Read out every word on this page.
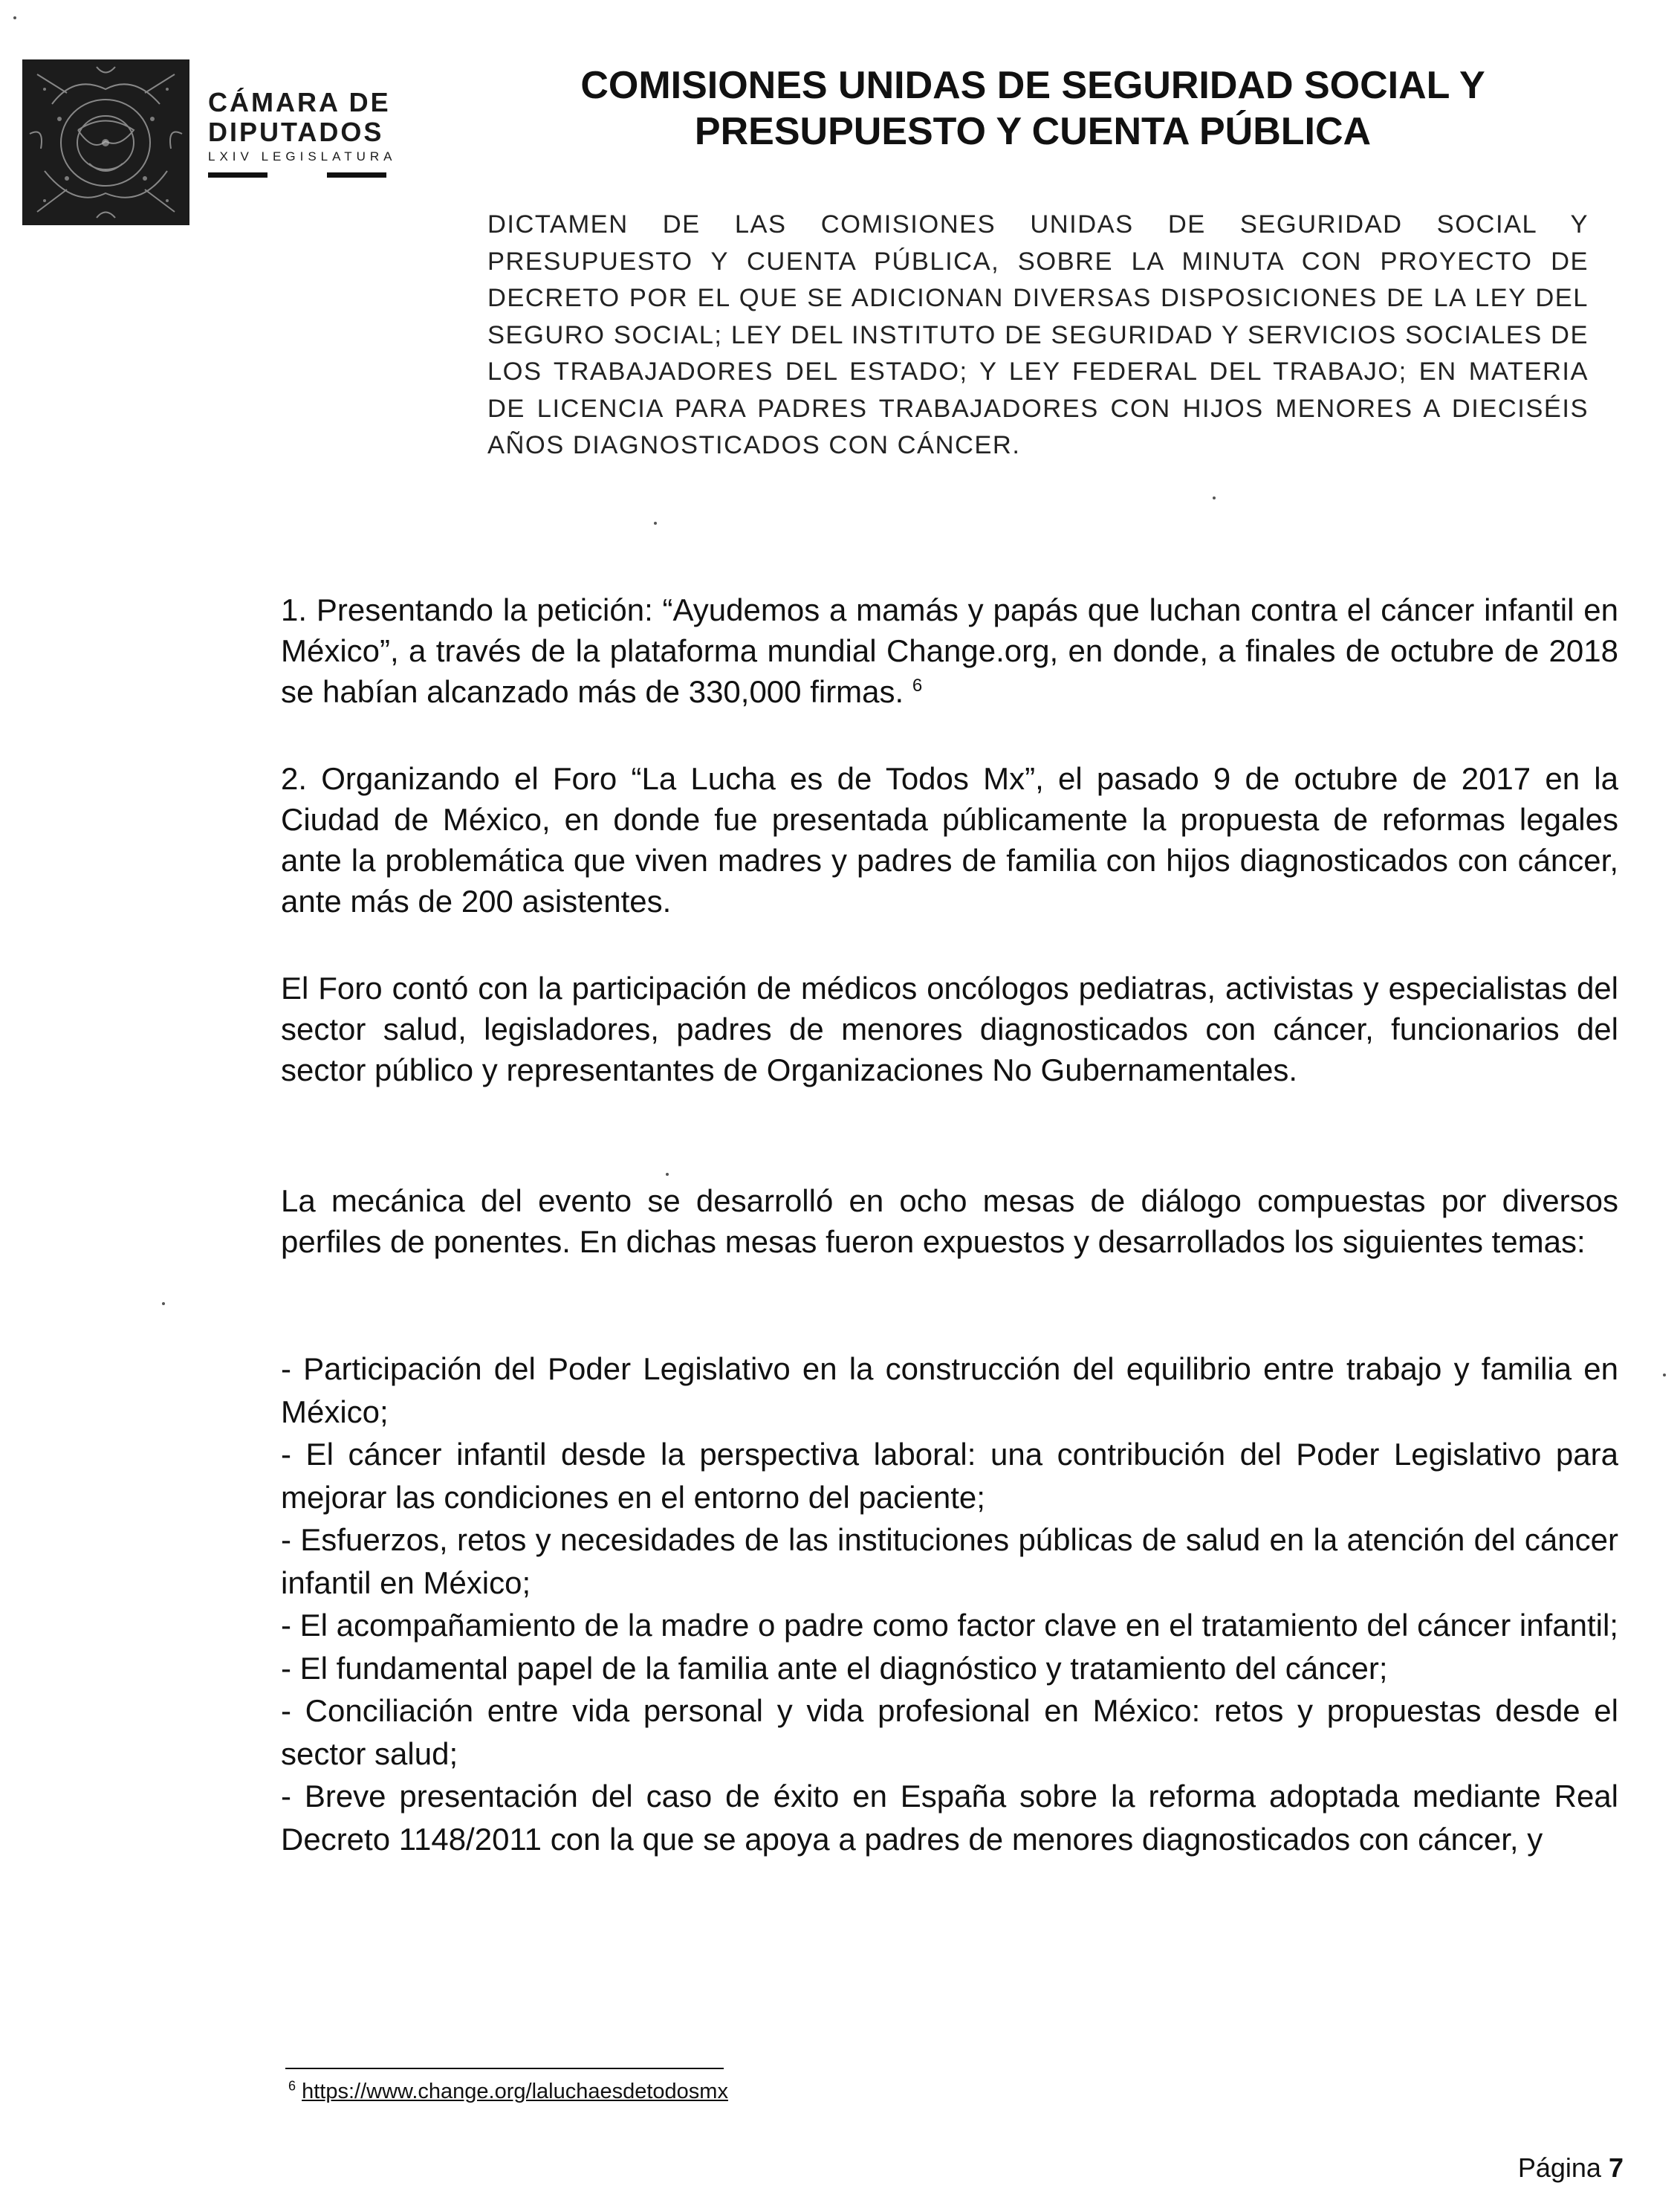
CÁMARA DE
DIPUTADOS
LXIV LEGISLATURA
COMISIONES UNIDAS DE SEGURIDAD SOCIAL Y
PRESUPUESTO Y CUENTA PÚBLICA
DICTAMEN DE LAS COMISIONES UNIDAS DE SEGURIDAD SOCIAL Y PRESUPUESTO Y CUENTA PÚBLICA, SOBRE LA MINUTA CON PROYECTO DE DECRETO POR EL QUE SE ADICIONAN DIVERSAS DISPOSICIONES DE LA LEY DEL SEGURO SOCIAL; LEY DEL INSTITUTO DE SEGURIDAD Y SERVICIOS SOCIALES DE LOS TRABAJADORES DEL ESTADO; Y LEY FEDERAL DEL TRABAJO; EN MATERIA DE LICENCIA PARA PADRES TRABAJADORES CON HIJOS MENORES A DIECISÉIS AÑOS DIAGNOSTICADOS CON CÁNCER.
1. Presentando la petición: “Ayudemos a mamás y papás que luchan contra el cáncer infantil en México”, a través de la plataforma mundial Change.org, en donde, a finales de octubre de 2018 se habían alcanzado más de 330,000 firmas. $^6$
2. Organizando el Foro “La Lucha es de Todos Mx”, el pasado 9 de octubre de 2017 en la Ciudad de México, en donde fue presentada públicamente la propuesta de reformas legales ante la problemática que viven madres y padres de familia con hijos diagnosticados con cáncer, ante más de 200 asistentes.
El Foro contó con la participación de médicos oncólogos pediatras, activistas y especialistas del sector salud, legisladores, padres de menores diagnosticados con cáncer, funcionarios del sector público y representantes de Organizaciones No Gubernamentales.
La mecánica del evento se desarrolló en ocho mesas de diálogo compuestas por diversos perfiles de ponentes. En dichas mesas fueron expuestos y desarrollados los siguientes temas:

- Participación del Poder Legislativo en la construcción del equilibrio entre trabajo y familia en México;

- El cáncer infantil desde la perspectiva laboral: una contribución del Poder Legislativo para mejorar las condiciones en el entorno del paciente;

- Esfuerzos, retos y necesidades de las instituciones públicas de salud en la atención del cáncer infantil en México;

- El acompañamiento de la madre o padre como factor clave en el tratamiento del cáncer infantil;

- El fundamental papel de la familia ante el diagnóstico y tratamiento del cáncer;

- Conciliación entre vida personal y vida profesional en México: retos y propuestas desde el sector salud;

- Breve presentación del caso de éxito en España sobre la reforma adoptada mediante Real Decreto 1148/2011 con la que se apoya a padres de menores diagnosticados con cáncer, y

$^6$ https://www.change.org/laluchaesdetodosmx
Página 7
